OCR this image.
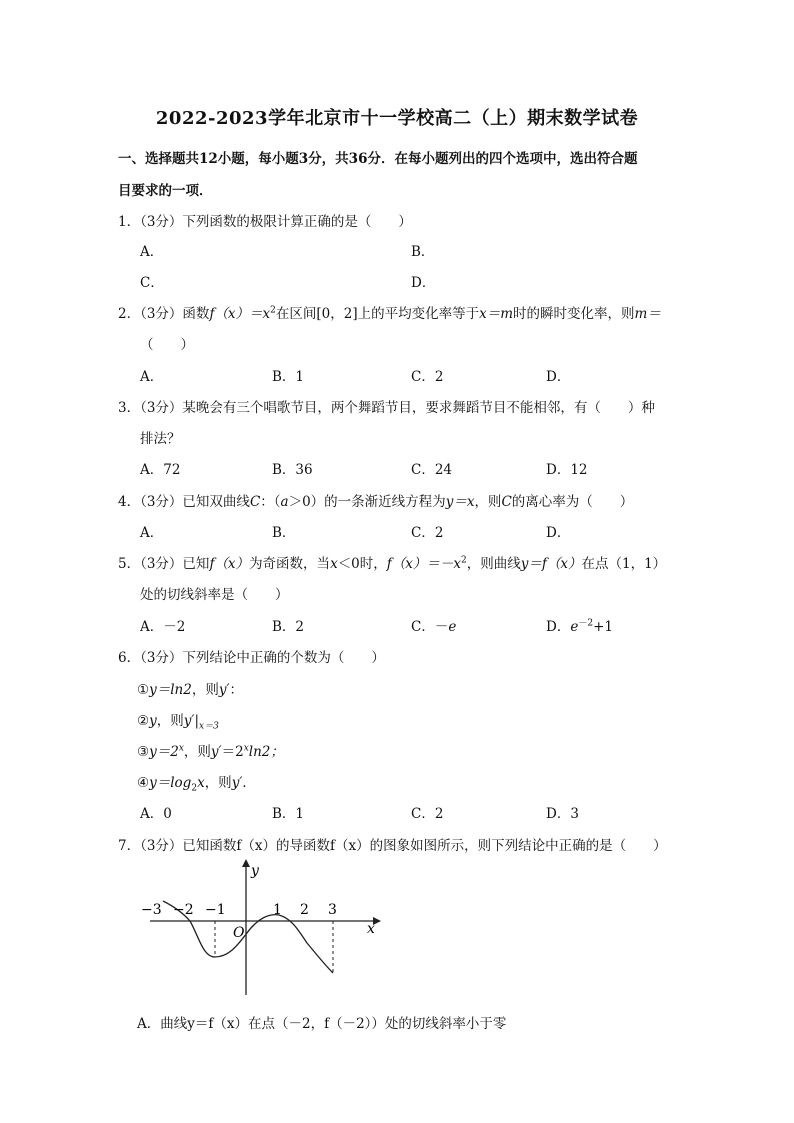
2022-2023学年北京市十一学校高二（上）期末数学试卷
一、选择题共12小题，每小题3分，共36分．在每小题列出的四个选项中，选出符合题
目要求的一项．
1．（3分）下列函数的极限计算正确的是（　　）
A．	B．
C．	D．
2．（3分）函数$f(x)=x^2$在区间[0，2]上的平均变化率等于x＝m时的瞬时变化率，则m＝
（　　）
A．	B．1	C．2	D．
3．（3分）某晚会有三个唱歌节目，两个舞蹈节目，要求舞蹈节目不能相邻，有（　　）种
排法？
A．72	B．36	C．24	D．12
4．（3分）已知双曲线C：（a＞0）的一条渐近线方程为y＝x，则C的离心率为（　　）
A．	B．	C．2	D．
5．（3分）已知f（x）为奇函数，当x＜0时，$f(x)=-x^2$，则曲线y＝f（x）在点（1，1）
处的切线斜率是（　　）
A．－2	B．2	C．－e	D．$e^{-2}+1$
6．（3分）下列结论中正确的个数为（　　）
①y＝ln2，则y′：
②y，则$y'|_{x=3}$
$③y=2^x$，则$y'=2^x\ln 2$；
$④y=\log_2x$，则y′．
A．0	B．1	C．2	D．3
7．（3分）已知函数f（x）的导函数f（x）的图象如图所示，则下列结论中正确的是（　　）
−3 −2 −1	1 2 3
O	x
y
A．曲线y＝f（x）在点（－2，f（－2））处的切线斜率小于零
